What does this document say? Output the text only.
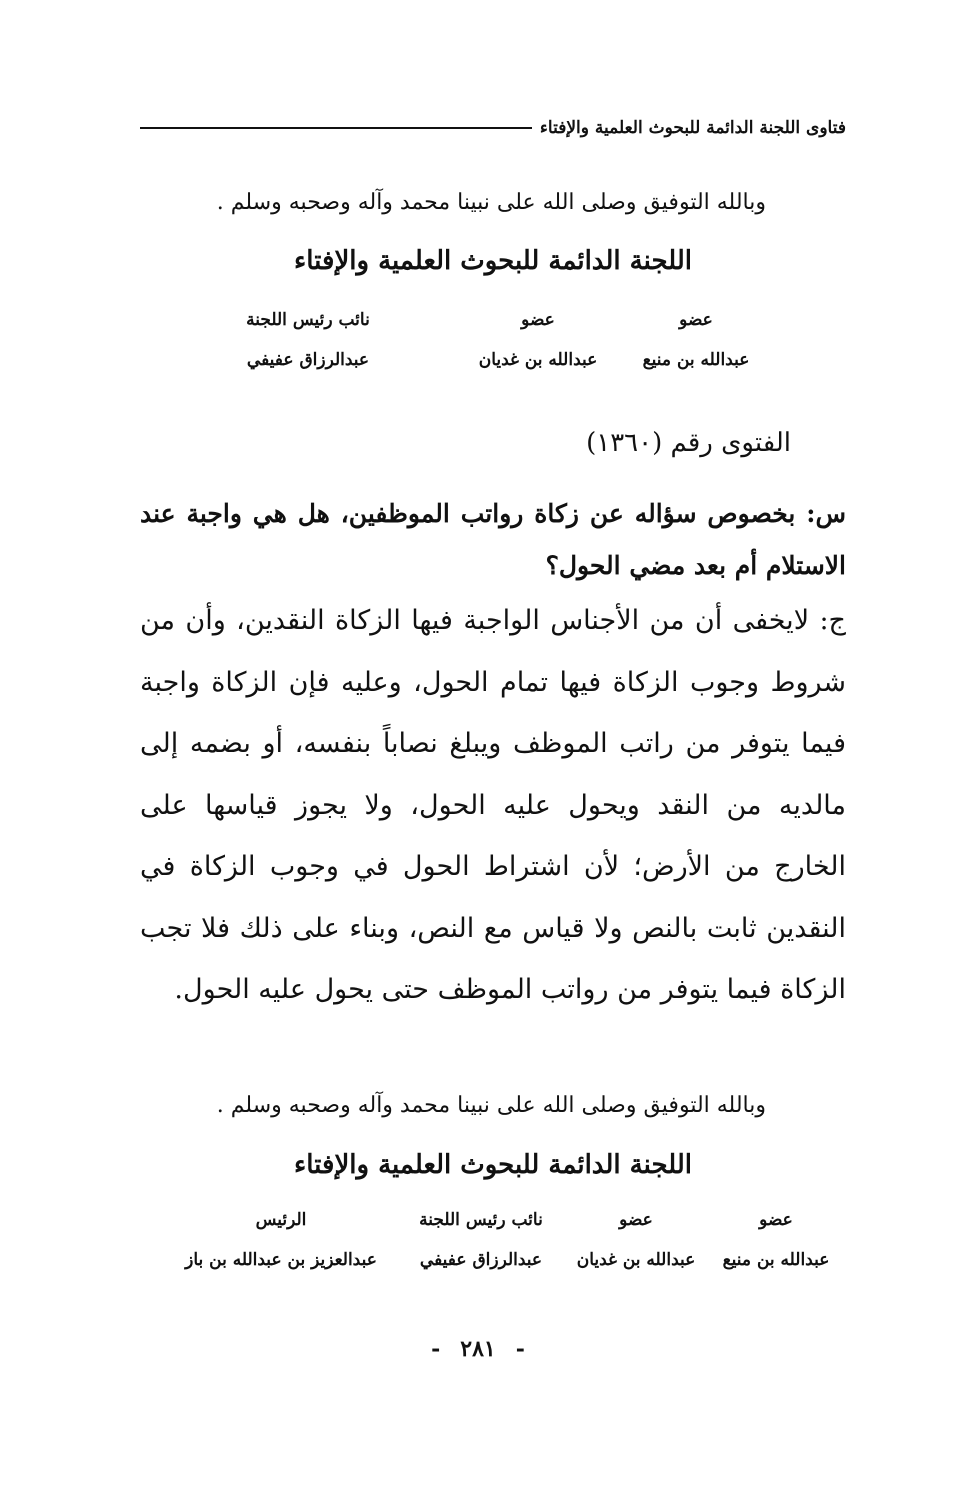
فتاوى اللجنة الدائمة للبحوث العلمية والإفتاء
وبالله التوفيق وصلى الله على نبينا محمد وآله وصحبه وسلم .
اللجنة الدائمة للبحوث العلمية والإفتاء
عضو
عبدالله بن منيع
عضو
عبدالله بن غديان
نائب رئيس اللجنة
عبدالرزاق عفيفي
الفتوى رقم (١٣٦٠)
س: بخصوص سؤاله عن زكاة رواتب الموظفين، هل هي واجبة عند الاستلام أم بعد مضي الحول؟
ج: لايخفى أن من الأجناس الواجبة فيها الزكاة النقدين، وأن من شروط وجوب الزكاة فيها تمام الحول، وعليه فإن الزكاة واجبة فيما يتوفر من راتب الموظف ويبلغ نصاباً بنفسه، أو بضمه إلى مالديه من النقد ويحول عليه الحول، ولا يجوز قياسها على الخارج من الأرض؛ لأن اشتراط الحول في وجوب الزكاة في النقدين ثابت بالنص ولا قياس مع النص، وبناء على ذلك فلا تجب الزكاة فيما يتوفر من رواتب الموظف حتى يحول عليه الحول.
وبالله التوفيق وصلى الله على نبينا محمد وآله وصحبه وسلم .
اللجنة الدائمة للبحوث العلمية والإفتاء
عضو
عبدالله بن منيع
عضو
عبدالله بن غديان
نائب رئيس اللجنة
عبدالرزاق عفيفي
الرئيس
عبدالعزيز بن عبدالله بن باز
-٢٨١-
